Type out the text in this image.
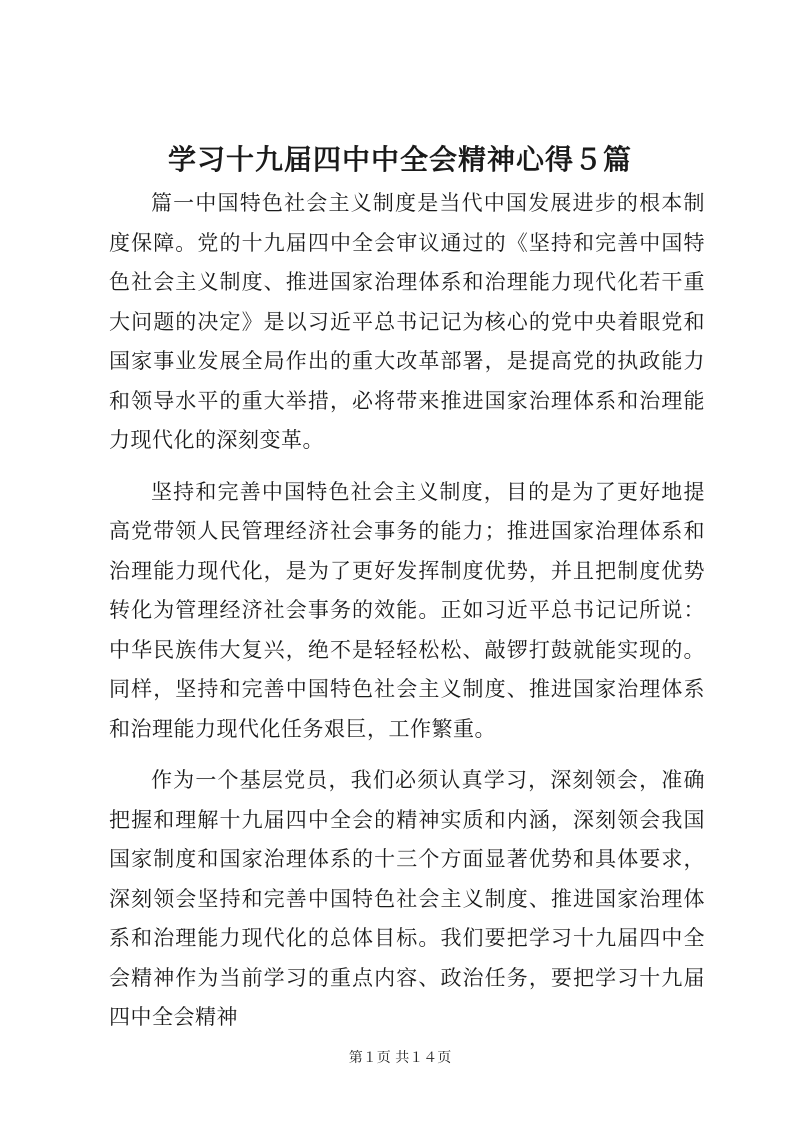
学习十九届四中中全会精神心得５篇

篇一中国特色社会主义制度是当代中国发展进步的根本制度保障。党的十九届四中全会审议通过的《坚持和完善中国特色社会主义制度、推进国家治理体系和治理能力现代化若干重大问题的决定》是以习近平总书记记为核心的党中央着眼党和国家事业发展全局作出的重大改革部署，是提高党的执政能力和领导水平的重大举措，必将带来推进国家治理体系和治理能力现代化的深刻变革。

坚持和完善中国特色社会主义制度，目的是为了更好地提高党带领人民管理经济社会事务的能力；推进国家治理体系和治理能力现代化，是为了更好发挥制度优势，并且把制度优势转化为管理经济社会事务的效能。正如习近平总书记记所说：中华民族伟大复兴，绝不是轻轻松松、敲锣打鼓就能实现的。同样，坚持和完善中国特色社会主义制度、推进国家治理体系和治理能力现代化任务艰巨，工作繁重。

作为一个基层党员，我们必须认真学习，深刻领会，准确把握和理解十九届四中全会的精神实质和内涵，深刻领会我国国家制度和国家治理体系的十三个方面显著优势和具体要求，深刻领会坚持和完善中国特色社会主义制度、推进国家治理体系和治理能力现代化的总体目标。我们要把学习十九届四中全会精神作为当前学习的重点内容、政治任务，要把学习十九届四中全会精神

第１页 共１４页
